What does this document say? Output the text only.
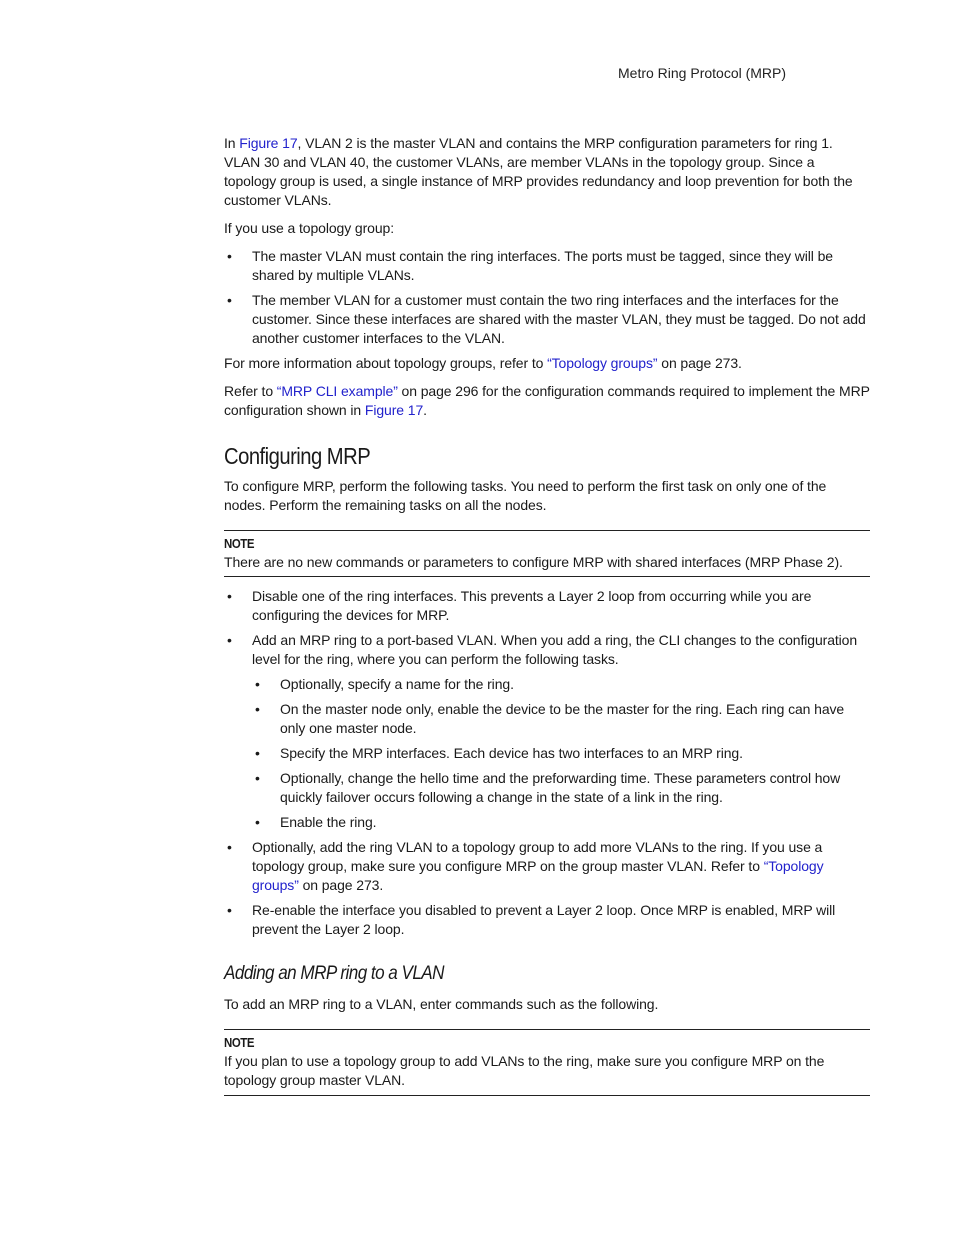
Metro Ring Protocol (MRP)

In Figure 17, VLAN 2 is the master VLAN and contains the MRP configuration parameters for ring 1. VLAN 30 and VLAN 40, the customer VLANs, are member VLANs in the topology group. Since a topology group is used, a single instance of MRP provides redundancy and loop prevention for both the customer VLANs.

If you use a topology group:

• The master VLAN must contain the ring interfaces. The ports must be tagged, since they will be shared by multiple VLANs.
• The member VLAN for a customer must contain the two ring interfaces and the interfaces for the customer. Since these interfaces are shared with the master VLAN, they must be tagged. Do not add another customer interfaces to the VLAN.

For more information about topology groups, refer to “Topology groups” on page 273.

Refer to “MRP CLI example” on page 296 for the configuration commands required to implement the MRP configuration shown in Figure 17.

Configuring MRP

To configure MRP, perform the following tasks. You need to perform the first task on only one of the nodes. Perform the remaining tasks on all the nodes.

NOTE
There are no new commands or parameters to configure MRP with shared interfaces (MRP Phase 2).
• Disable one of the ring interfaces. This prevents a Layer 2 loop from occurring while you are configuring the devices for MRP.
• Add an MRP ring to a port-based VLAN. When you add a ring, the CLI changes to the configuration level for the ring, where you can perform the following tasks.
• Optionally, specify a name for the ring.
• On the master node only, enable the device to be the master for the ring. Each ring can have only one master node.
• Specify the MRP interfaces. Each device has two interfaces to an MRP ring.
• Optionally, change the hello time and the preforwarding time. These parameters control how quickly failover occurs following a change in the state of a link in the ring.
• Enable the ring.
• Optionally, add the ring VLAN to a topology group to add more VLANs to the ring. If you use a topology group, make sure you configure MRP on the group master VLAN. Refer to “Topology groups” on page 273.
• Re-enable the interface you disabled to prevent a Layer 2 loop. Once MRP is enabled, MRP will prevent the Layer 2 loop.
Adding an MRP ring to a VLAN

To add an MRP ring to a VLAN, enter commands such as the following.

NOTE
If you plan to use a topology group to add VLANs to the ring, make sure you configure MRP on the topology group master VLAN.
